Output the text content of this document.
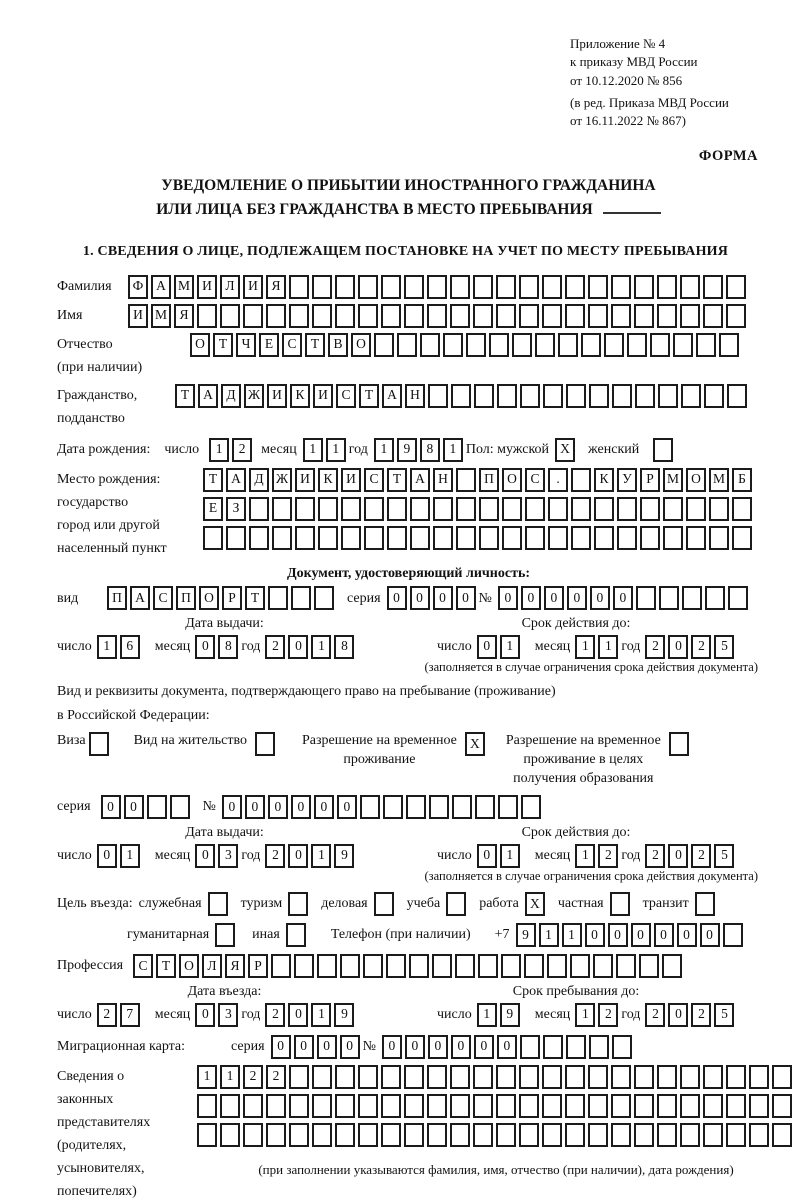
Приложение № 4
к приказу МВД России
от 10.12.2020 № 856
(в ред. Приказа МВД России
от 16.11.2022 № 867)
ФОРМА
УВЕДОМЛЕНИЕ О ПРИБЫТИИ ИНОСТРАННОГО ГРАЖДАНИНА
ИЛИ ЛИЦА БЕЗ ГРАЖДАНСТВА В МЕСТО ПРЕБЫВАНИЯ
1. СВЕДЕНИЯ О ЛИЦЕ, ПОДЛЕЖАЩЕМ ПОСТАНОВКЕ НА УЧЕТ ПО МЕСТУ ПРЕБЫВАНИЯ
Фамилия	Ф А М И	Л	И	Я
Имя	И М Я
Отчество
(при наличии)
О	Т	Ч	Е	С	Т	В	О
Гражданство,
подданство
Т	А	Д Ж И	К	И	С	Т	А Н
Дата рождения: число	1	2	месяц 1	1 год 1	9	8	1 Пол: мужской X	женский
Место рождения:
государство
город или другой
населенный пункт
Т	А	Д Ж И	К	И	С	Т	А Н	П О	С	.	К	У	Р М О М Б
Е	З
Документ, удостоверяющий личность:
вид	П А	С	П О	Р	Т	серия 0	0	0	0 № 0	0	0	0	0	0
Дата выдачи:	Срок действия до:
число 1	6	месяц 0	8 год 2	0	1	8	число 0	1	месяц 1	1 год 2	0	2	5
(заполняется в случае ограничения срока действия документа)
Вид и реквизиты документа, подтверждающего право на пребывание (проживание)
в Российской Федерации:
Виза	Вид на жительство	Разрешение на временное
проживание
X	Разрешение на временное
проживание в целях
получения образования
серия	0	0	№ 0	0	0	0	0	0
Дата выдачи:	Срок действия до:
число 0	1	месяц 0	3 год 2	0	1	9	число 0	1	месяц 1	2 год 2	0	2	5
(заполняется в случае ограничения срока действия документа)
Цель въезда: служебная	туризм	деловая	учеба	работа X	частная	транзит
гуманитарная	иная	Телефон (при наличии) +7 9	1	1	0	0	0	0	0	0
Профессия	С	Т	О	Л	Я	Р
Дата въезда:	Срок пребывания до:
число 2	7	месяц 0	3 год 2	0	1	9	число 1	9	месяц 1	2 год 2	0	2	5
Миграционная карта:	серия 0	0	0	0 № 0	0	0	0	0	0
Сведения о
законных
представителях
(родителях,
усыновителях,
попечителях)
1	1	2	2
(при заполнении указываются фамилия, имя, отчество (при наличии), дата рождения)
